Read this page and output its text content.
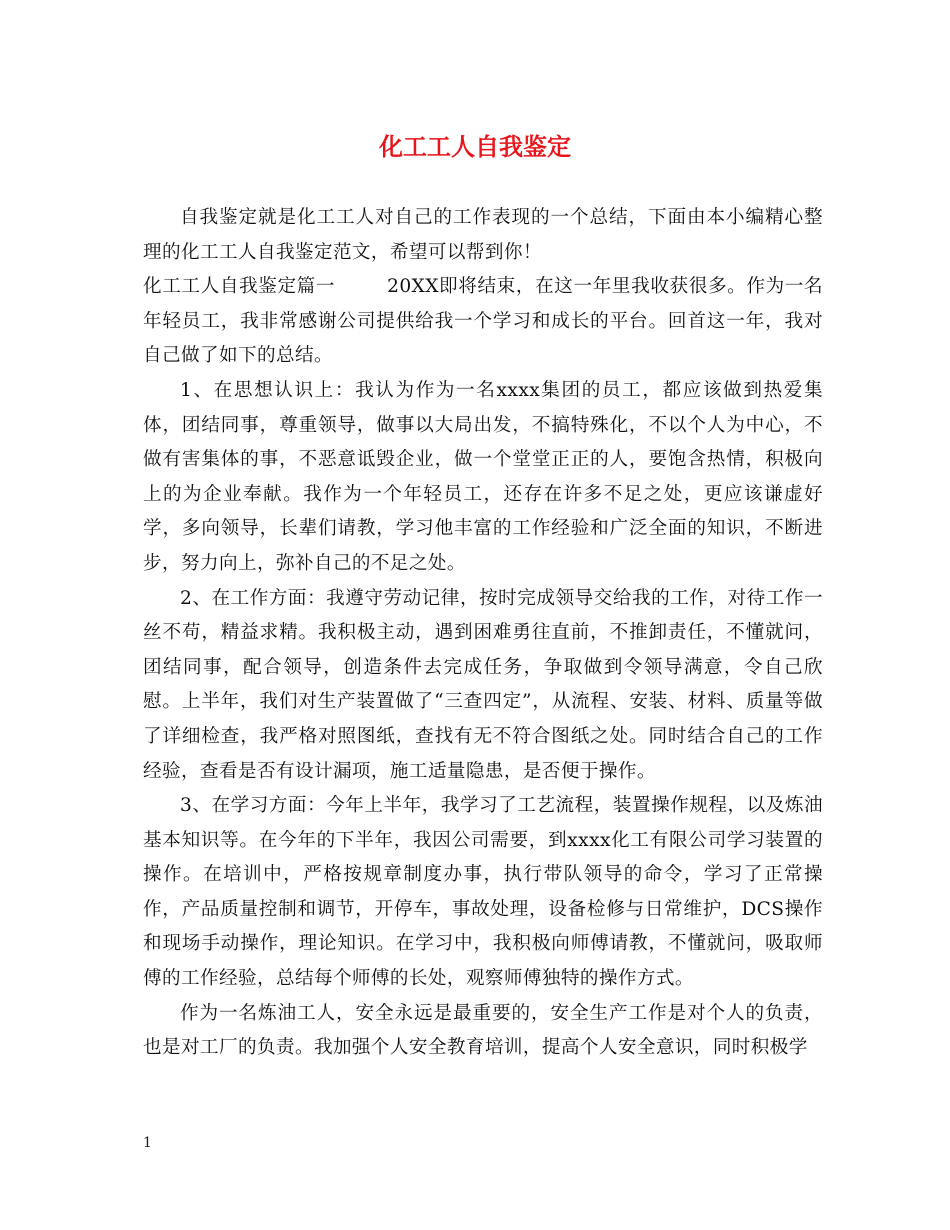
化工工人自我鉴定

自我鉴定就是化工工人对自己的工作表现的一个总结，下面由本小编精心整理的化工工人自我鉴定范文，希望可以帮到你！

化工工人自我鉴定篇一	20XX即将结束，在这一年里我收获很多。作为一名年轻员工，我非常感谢公司提供给我一个学习和成长的平台。回首这一年，我对自己做了如下的总结。

1、在思想认识上：我认为作为一名xxxx集团的员工，都应该做到热爱集体，团结同事，尊重领导，做事以大局出发，不搞特殊化，不以个人为中心，不做有害集体的事，不恶意诋毁企业，做一个堂堂正正的人，要饱含热情，积极向上的为企业奉献。我作为一个年轻员工，还存在许多不足之处，更应该谦虚好学，多向领导，长辈们请教，学习他丰富的工作经验和广泛全面的知识，不断进步，努力向上，弥补自己的不足之处。

2、在工作方面：我遵守劳动记律，按时完成领导交给我的工作，对待工作一丝不苟，精益求精。我积极主动，遇到困难勇往直前，不推卸责任，不懂就问，团结同事，配合领导，创造条件去完成任务，争取做到令领导满意，令自己欣慰。上半年，我们对生产装置做了“三查四定”，从流程、安装、材料、质量等做了详细检查，我严格对照图纸，查找有无不符合图纸之处。同时结合自己的工作经验，查看是否有设计漏项，施工适量隐患，是否便于操作。

3、在学习方面：今年上半年，我学习了工艺流程，装置操作规程，以及炼油基本知识等。在今年的下半年，我因公司需要，到xxxx化工有限公司学习装置的操作。在培训中，严格按规章制度办事，执行带队领导的命令，学习了正常操作，产品质量控制和调节，开停车，事故处理，设备检修与日常维护，DCS操作和现场手动操作，理论知识。在学习中，我积极向师傅请教，不懂就问，吸取师傅的工作经验，总结每个师傅的长处，观察师傅独特的操作方式。

作为一名炼油工人，安全永远是最重要的，安全生产工作是对个人的负责，也是对工厂的负责。我加强个人安全教育培训，提高个人安全意识，同时积极学

1
